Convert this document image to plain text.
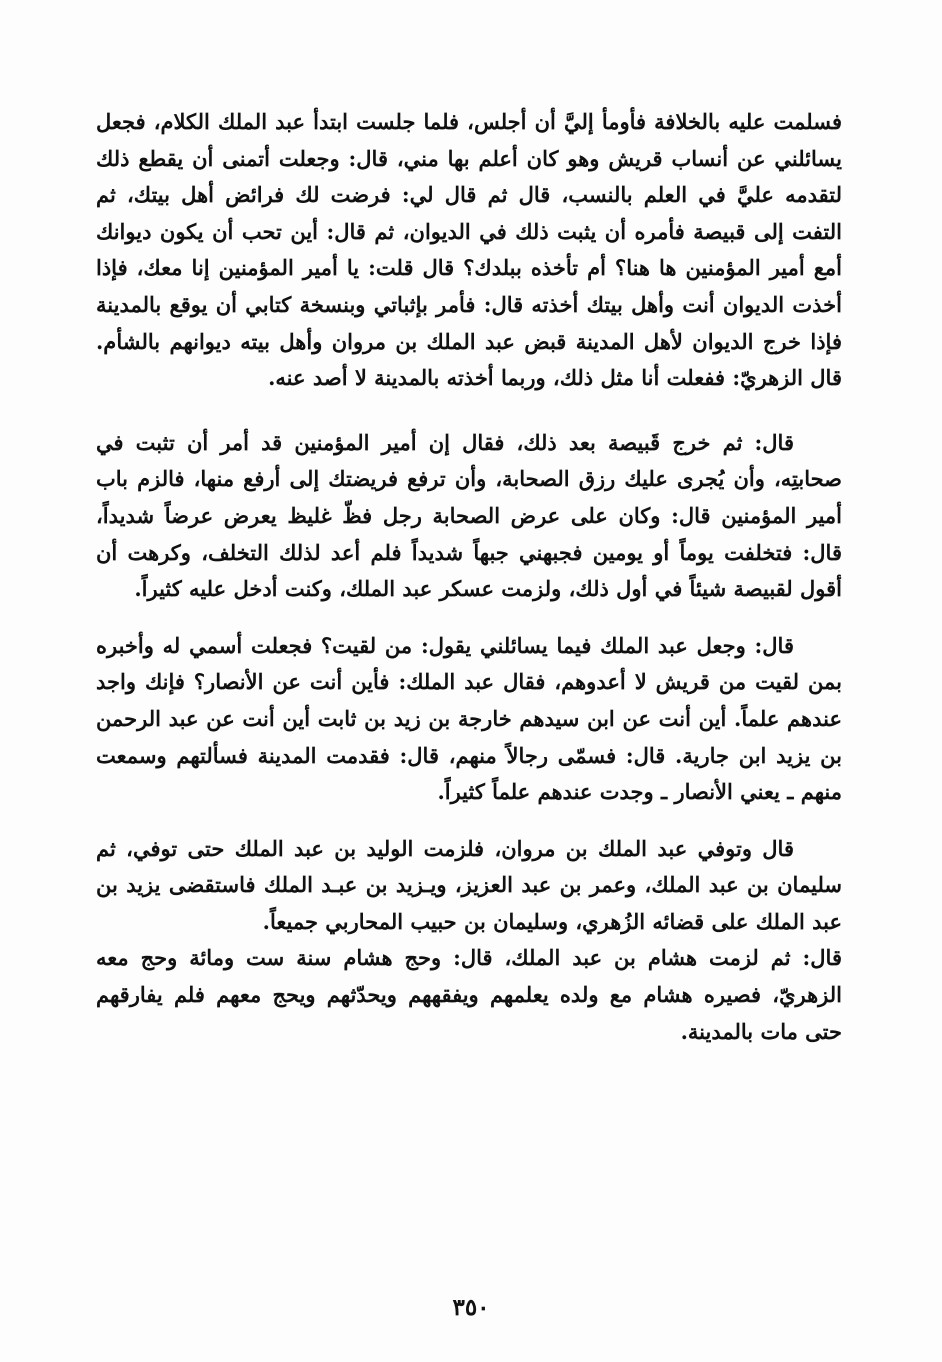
فسلمت عليه بالخلافة فأومأ إليَّ أن أجلس، فلما جلست ابتدأ عبد الملك الكلام، فجعل يسائلني عن أنساب قريش وهو كان أعلم بها مني، قال: وجعلت أتمنى أن يقطع ذلك لتقدمه عليَّ في العلم بالنسب، قال ثم قال لي: فرضت لك فرائض أهل بيتك، ثم التفت إلى قبيصة فأمره أن يثبت ذلك في الديوان، ثم قال: أين تحب أن يكون ديوانك أمع أمير المؤمنين ها هنا؟ أم تأخذه ببلدك؟ قال قلت: يا أمير المؤمنين إنا معك، فإذا أخذت الديوان أنت وأهل بيتك أخذته قال: فأمر بإثباتي وبنسخة كتابي أن يوقع بالمدينة فإذا خرج الديوان لأهل المدينة قبض عبد الملك بن مروان وأهل بيته ديوانهم بالشأم. قال الزهريّ: ففعلت أنا مثل ذلك، وربما أخذته بالمدينة لا أصد عنه.

قال: ثم خرج قَبيصة بعد ذلك، فقال إن أمير المؤمنين قد أمر أن تثبت في صحابتِه، وأن يُجرى عليك رزق الصحابة، وأن ترفع فريضتك إلى أرفع منها، فالزم باب أمير المؤمنين قال: وكان على عرض الصحابة رجل فظّ غليظ يعرض عرضاً شديداً، قال: فتخلفت يوماً أو يومين فجبهني جبهاً شديداً فلم أعد لذلك التخلف، وكرهت أن أقول لقبيصة شيئاً في أول ذلك، ولزمت عسكر عبد الملك، وكنت أدخل عليه كثيراً.

قال: وجعل عبد الملك فيما يسائلني يقول: من لقيت؟ فجعلت أسمي له وأخبره بمن لقيت من قريش لا أعدوهم، فقال عبد الملك: فأين أنت عن الأنصار؟ فإنك واجد عندهم علماً. أين أنت عن ابن سيدهم خارجة بن زيد بن ثابت أين أنت عن عبد الرحمن بن يزيد ابن جارية. قال: فسمّى رجالاً منهم، قال: فقدمت المدينة فسألتهم وسمعت منهم ـ يعني الأنصار ـ وجدت عندهم علماً كثيراً.

قال وتوفي عبد الملك بن مروان، فلزمت الوليد بن عبد الملك حتى توفي، ثم سليمان بن عبد الملك، وعمر بن عبد العزيز، ويـزيد بن عبـد الملك فاستقضى يزيد بن عبد الملك على قضائه الزُهري، وسليمان بن حبيب المحاربي جميعاً.

قال: ثم لزمت هشام بن عبد الملك، قال: وحج هشام سنة ست ومائة وحج معه الزهريّ، فصيره هشام مع ولده يعلمهم ويفقههم ويحدّثهم ويحج معهم فلم يفارقهم حتى مات بالمدينة.

٣٥٠
